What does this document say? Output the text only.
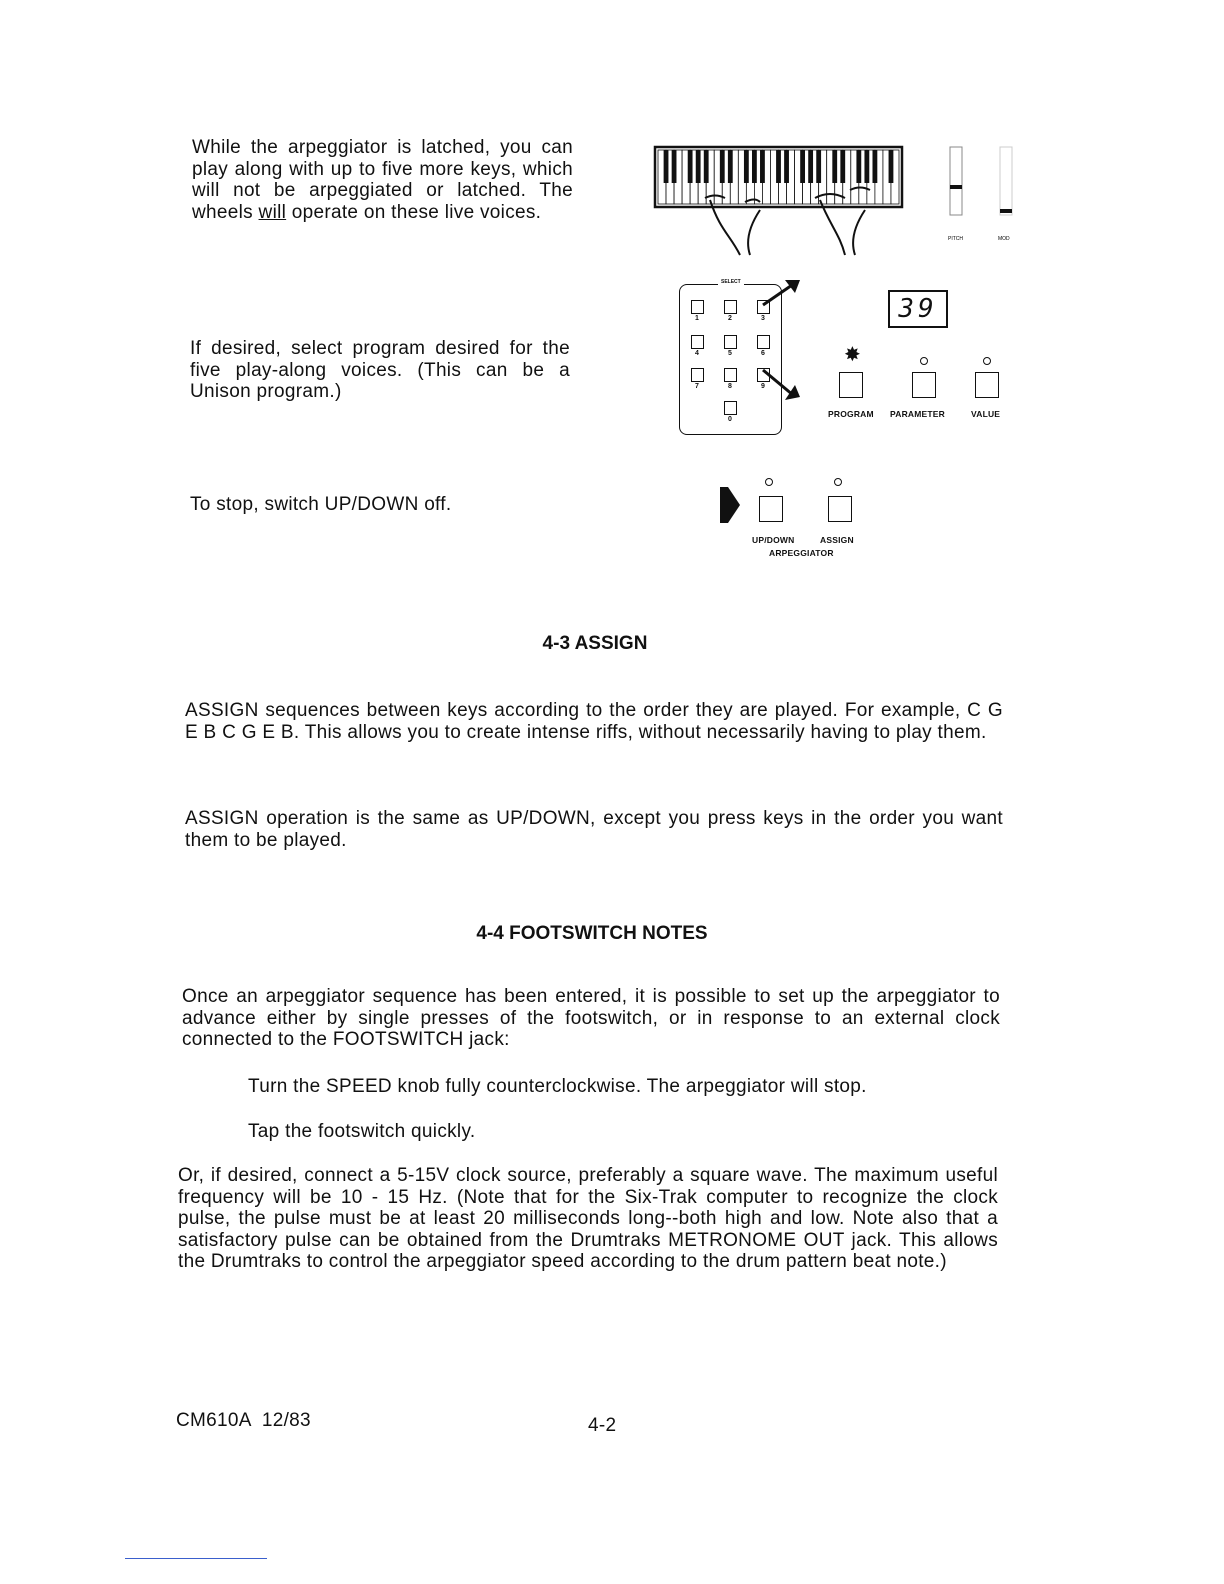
While the arpeggiator is latched, you can play along with up to five more keys, which will not be arpeggiated or latched. The wheels will operate on these live voices.
If desired, select program desired for the five play-along voices. (This can be a Unison program.)
To stop, switch UP/DOWN off.
PITCH	MOD
SELECT
1	2	3
4	5	6
7	8	9
0
39
✸
PROGRAM PARAMETER	VALUE
UP/DOWN	ASSIGN
ARPEGGIATOR
4-3 ASSIGN
ASSIGN sequences between keys according to the order they are played. For example, C G E B C G E B. This allows you to create intense riffs, without necessarily having to play them.
ASSIGN operation is the same as UP/DOWN, except you press keys in the order you want them to be played.
4-4 FOOTSWITCH NOTES
Once an arpeggiator sequence has been entered, it is possible to set up the arpeggiator to advance either by single presses of the footswitch, or in response to an external clock connected to the FOOTSWITCH jack:
Turn the SPEED knob fully counterclockwise. The arpeggiator will stop.
Tap the footswitch quickly.
Or, if desired, connect a 5-15V clock source, preferably a square wave. The maximum useful frequency will be 10 - 15 Hz. (Note that for the Six-Trak computer to recognize the clock pulse, the pulse must be at least 20 milliseconds long--both high and low. Note also that a satisfactory pulse can be obtained from the Drumtraks METRONOME OUT jack. This allows the Drumtraks to control the arpeggiator speed according to the drum pattern beat note.)
CM610A  12/83	4-2
